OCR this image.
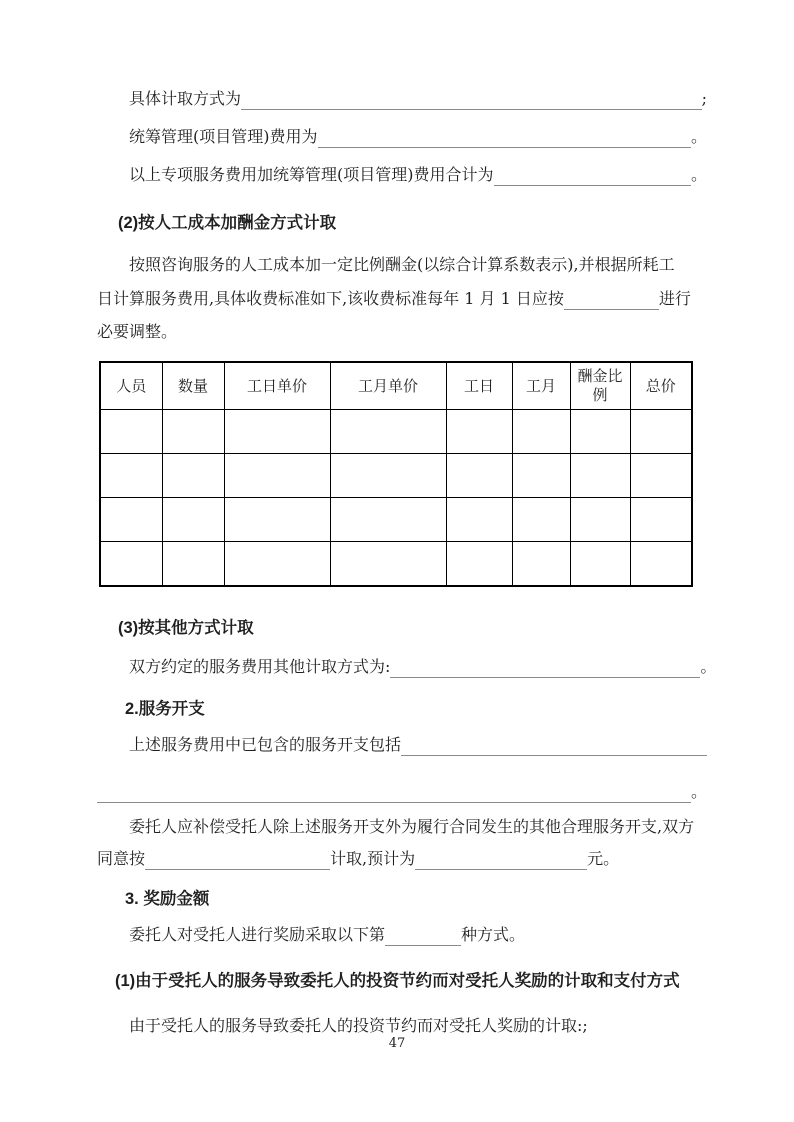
具体计取方式为	;
统筹管理(项目管理)费用为	。
以上专项服务费用加统筹管理(项目管理)费用合计为	。
(2)按人工成本加酬金方式计取
按照咨询服务的人工成本加一定比例酬金(以综合计算系数表示),并根据所耗工
日计算服务费用,具体收费标准如下,该收费标准每年 1 月 1 日应按	进行
必要调整。
人员	数量	工日单价	工月单价	工日	工月	酬金比例	总价

(3)按其他方式计取
双方约定的服务费用其他计取方式为:	。
2.服务开支
上述服务费用中已包含的服务开支包括
。
委托人应补偿受托人除上述服务开支外为履行合同发生的其他合理服务开支,双方
同意按	计取,预计为	元。
3. 奖励金额
委托人对受托人进行奖励采取以下第	种方式。
(1)由于受托人的服务导致委托人的投资节约而对受托人奖励的计取和支付方式
由于受托人的服务导致委托人的投资节约而对受托人奖励的计取:;
47
